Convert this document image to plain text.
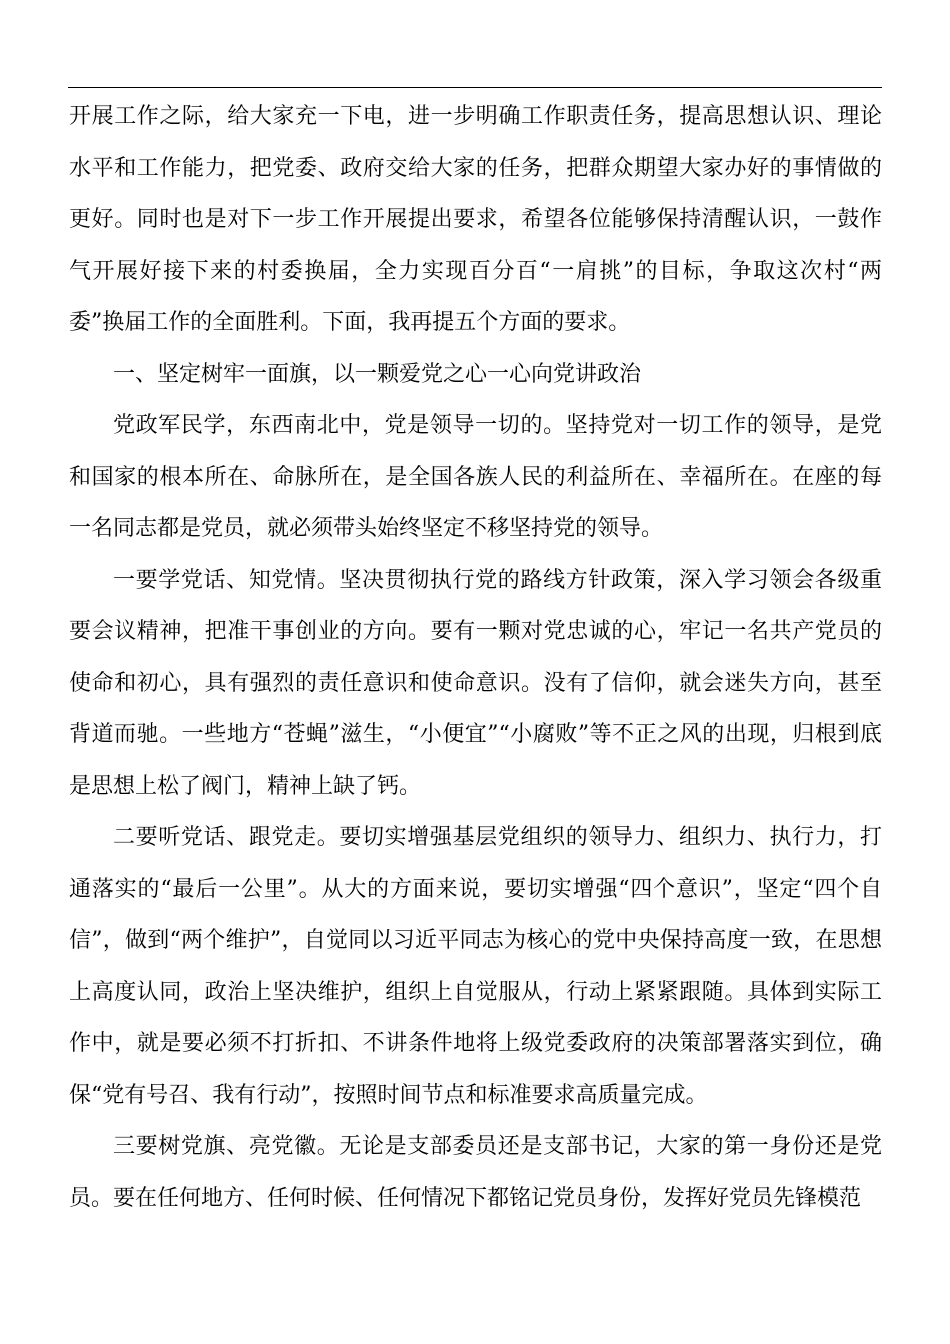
开展工作之际，给大家充一下电，进一步明确工作职责任务，提高思想认识、理论水平和工作能力，把党委、政府交给大家的任务，把群众期望大家办好的事情做的更好。同时也是对下一步工作开展提出要求，希望各位能够保持清醒认识，一鼓作气开展好接下来的村委换届，全力实现百分百“一肩挑”的目标，争取这次村“两委”换届工作的全面胜利。下面，我再提五个方面的要求。

一、坚定树牢一面旗，以一颗爱党之心一心向党讲政治

党政军民学，东西南北中，党是领导一切的。坚持党对一切工作的领导，是党和国家的根本所在、命脉所在，是全国各族人民的利益所在、幸福所在。在座的每一名同志都是党员，就必须带头始终坚定不移坚持党的领导。

一要学党话、知党情。坚决贯彻执行党的路线方针政策，深入学习领会各级重要会议精神，把准干事创业的方向。要有一颗对党忠诚的心，牢记一名共产党员的使命和初心，具有强烈的责任意识和使命意识。没有了信仰，就会迷失方向，甚至背道而驰。一些地方“苍蝇”滋生，“小便宜”“小腐败”等不正之风的出现，归根到底是思想上松了阀门，精神上缺了钙。

二要听党话、跟党走。要切实增强基层党组织的领导力、组织力、执行力，打通落实的“最后一公里”。从大的方面来说，要切实增强“四个意识”，坚定“四个自信”，做到“两个维护”，自觉同以习近平同志为核心的党中央保持高度一致，在思想上高度认同，政治上坚决维护，组织上自觉服从，行动上紧紧跟随。具体到实际工作中，就是要必须不打折扣、不讲条件地将上级党委政府的决策部署落实到位，确保“党有号召、我有行动”，按照时间节点和标准要求高质量完成。

三要树党旗、亮党徽。无论是支部委员还是支部书记，大家的第一身份还是党员。要在任何地方、任何时候、任何情况下都铭记党员身份，发挥好党员先锋模范
